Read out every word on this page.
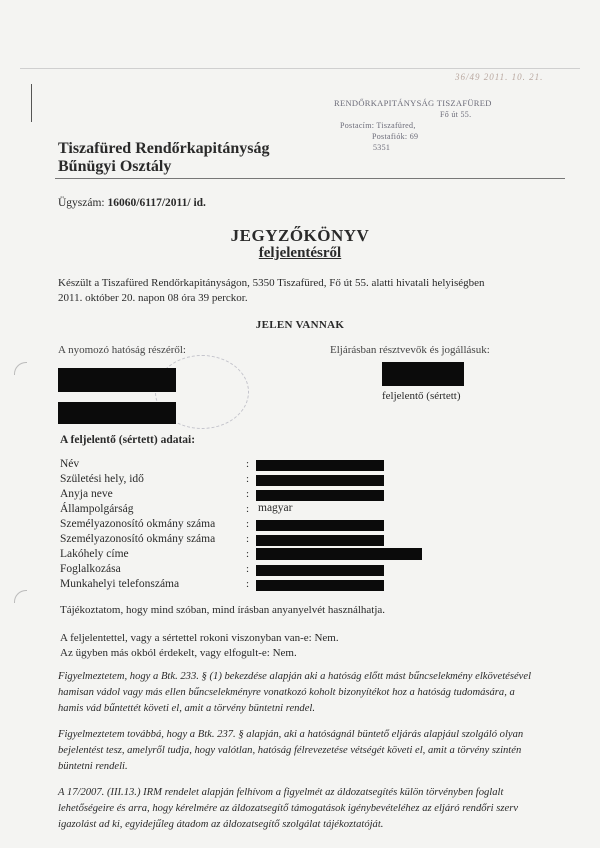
36/49 2011. 10. 21.
RENDŐRKAPITÁNYSÁG TISZAFÜRED
Fő út 55.
Postacím: Tiszafüred,
Postafiók: 69
5351
Tiszafüred Rendőrkapitányság
Bűnügyi Osztály
Ügyszám: 16060/6117/2011/ id.
JEGYZŐKÖNYV
feljelentésről
Készült a Tiszafüred Rendőrkapitányságon, 5350 Tiszafüred, Fő út 55. alatti hivatali helyiségben
2011. október 20. napon 08 óra 39 perckor.
JELEN VANNAK
A nyomozó hatóság részéről:	Eljárásban résztvevők és jogállásuk:
feljelentő (sértett)
A feljelentő (sértett) adatai:
Név
Születési hely, idő
Anyja neve
Állampolgárság
Személyazonosító okmány száma
Személyazonosító okmány száma
Lakóhely címe
Foglalkozása
Munkahelyi telefonszáma
:
:
:
:
:
:
:
:
:
magyar
Tájékoztatom, hogy mind szóban, mind írásban anyanyelvét használhatja.
A feljelentettel, vagy a sértettel rokoni viszonyban van-e: Nem.
Az ügyben más okból érdekelt, vagy elfogult-e: Nem.
Figyelmeztetem, hogy a Btk. 233. § (1) bekezdése alapján aki a hatóság előtt mást bűncselekmény elkövetésével hamisan vádol vagy más ellen bűncselekményre vonatkozó koholt bizonyítékot hoz a hatóság tudomására, a hamis vád bűntettét követi el, amit a törvény büntetni rendel.
Figyelmeztetem továbbá, hogy a Btk. 237. § alapján, aki a hatóságnál büntető eljárás alapjául szolgáló olyan bejelentést tesz, amelyről tudja, hogy valótlan, hatóság félrevezetése vétségét követi el, amit a törvény szintén büntetni rendeli.
A 17/2007. (III.13.) IRM rendelet alapján felhívom a figyelmét az áldozatsegítés külön törvényben foglalt lehetőségeire és arra, hogy kérelmére az áldozatsegítő támogatások igénybevételéhez az eljáró rendőri szerv igazolást ad ki, egyidejűleg átadom az áldozatsegítő szolgálat tájékoztatóját.
